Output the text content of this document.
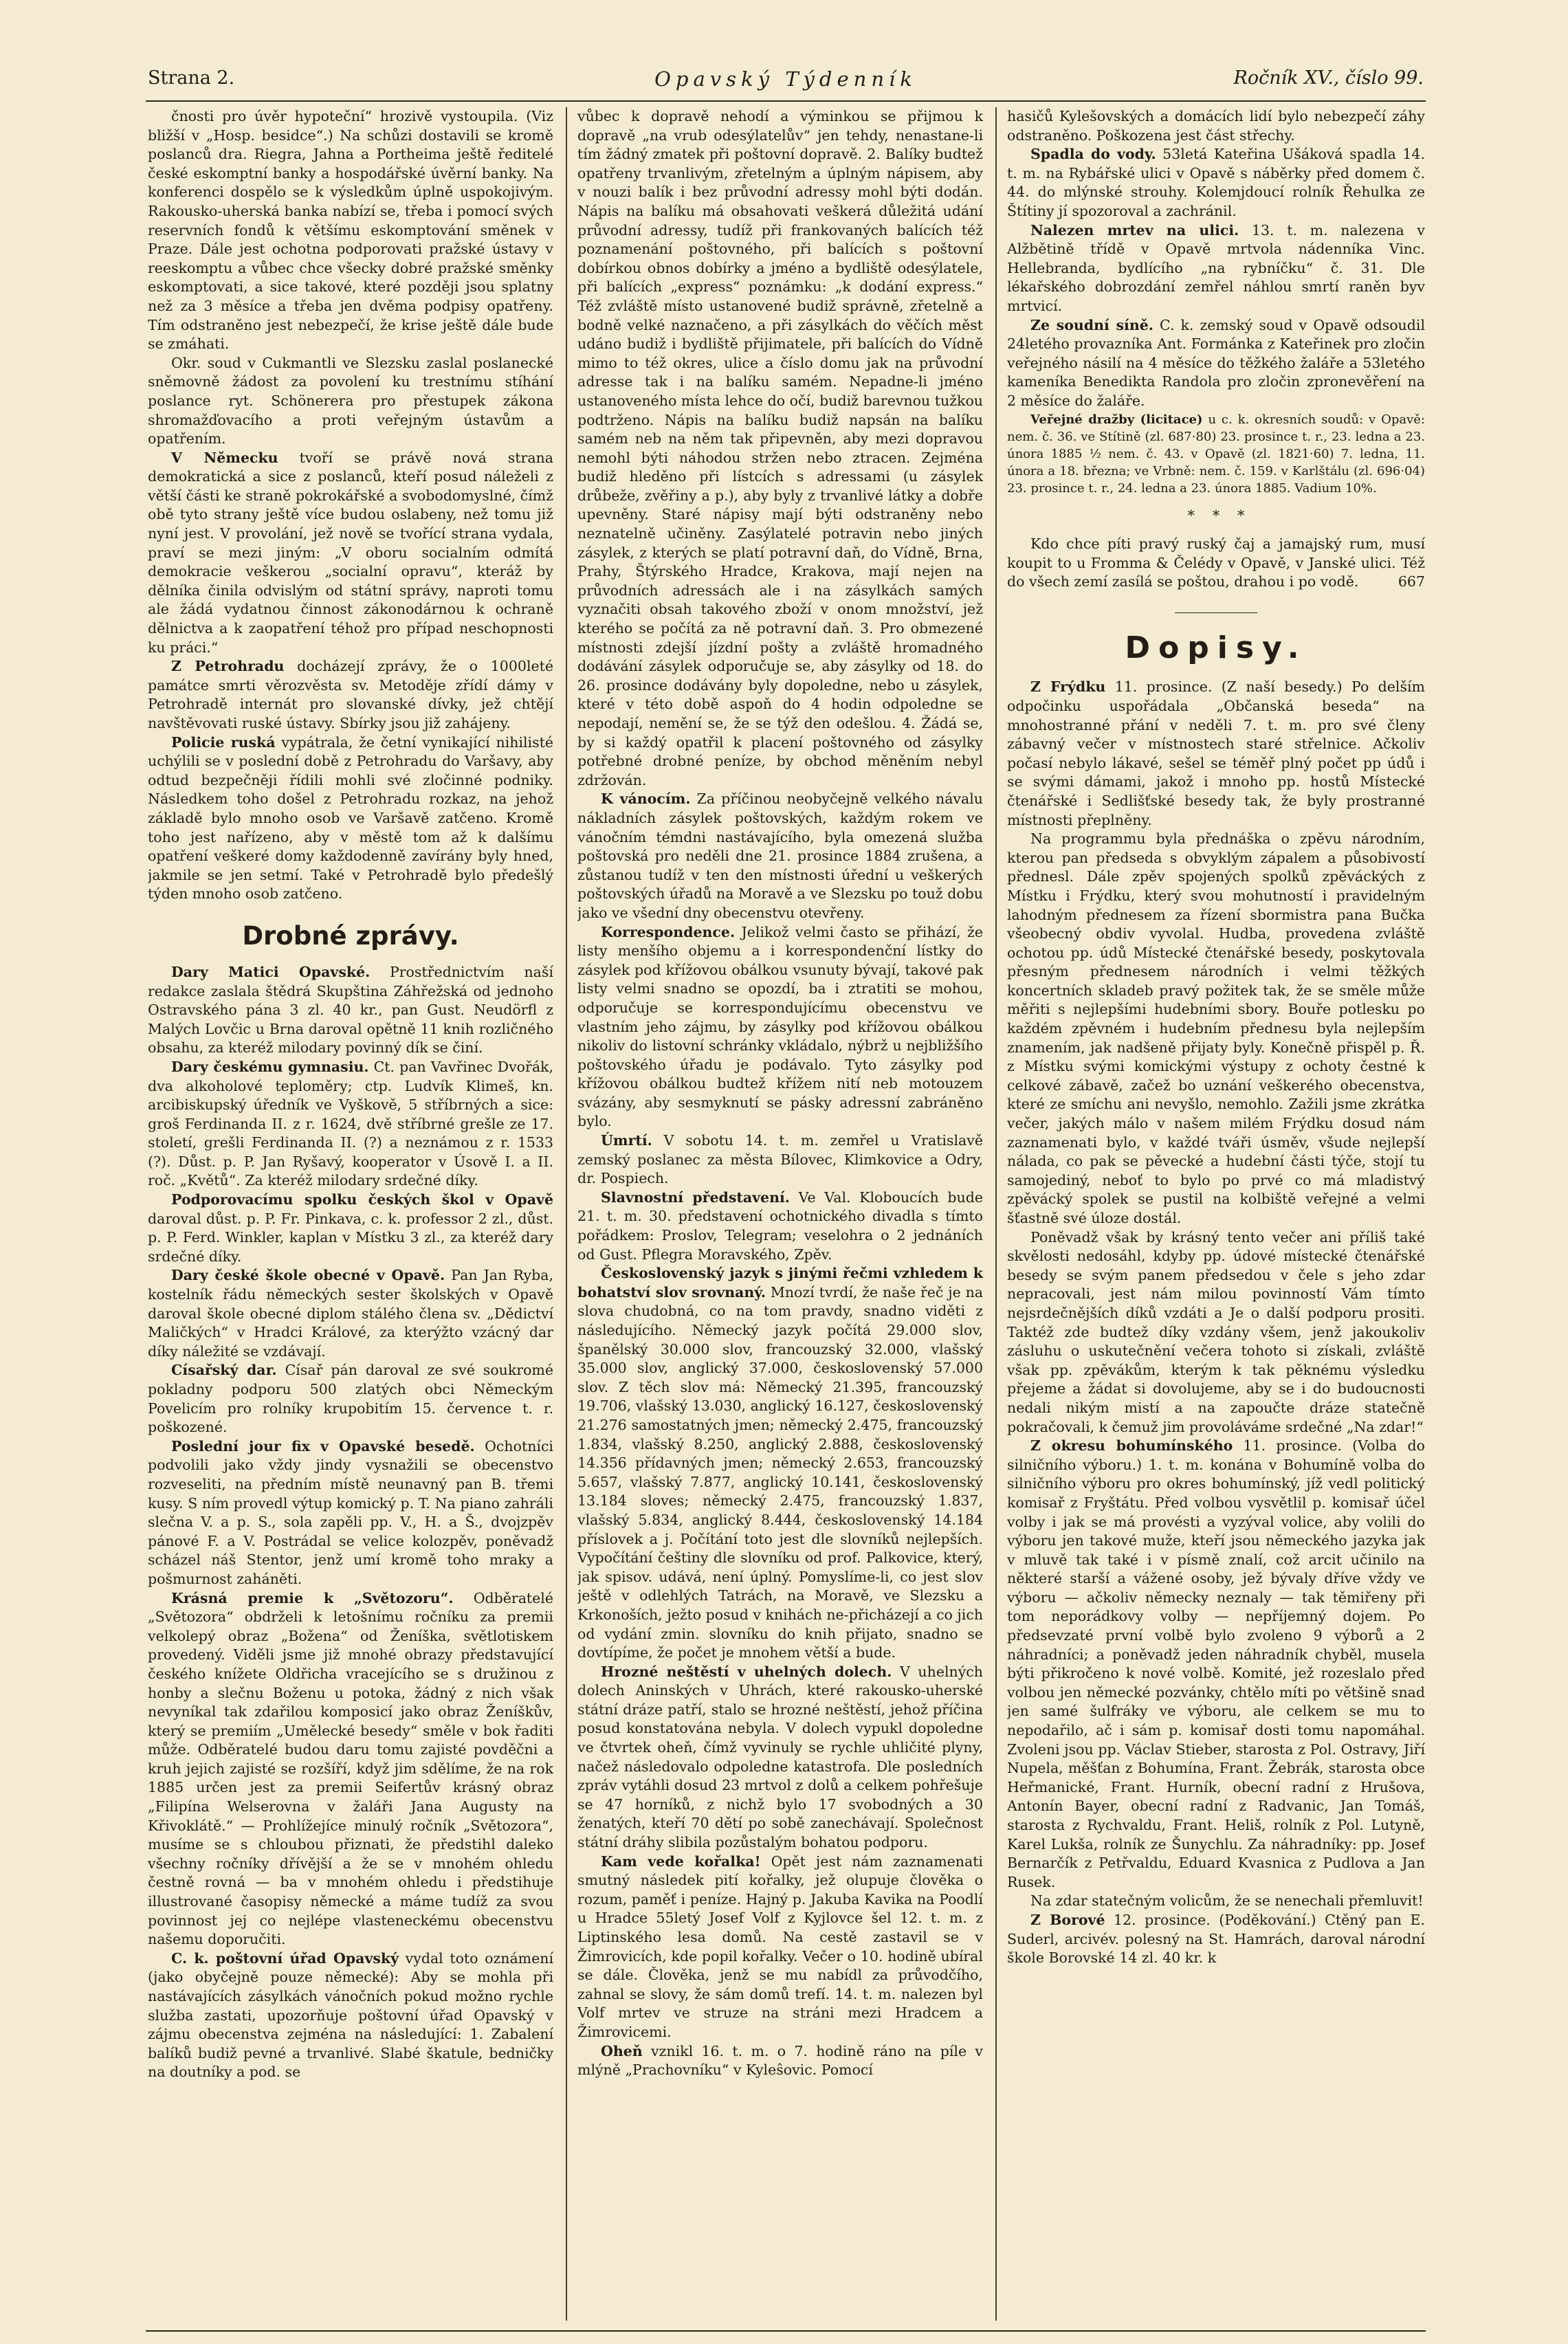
Strana 2.	Opavský Týdenník	Ročník XV., číslo 99.

čnosti pro úvěr hypoteční“ hrozivě vystoupila. (Viz bližší v „Hosp. besidce“.) Na schůzi dostavili se kromě poslanců dra. Riegra, Jahna a Portheima ještě ředitelé české eskomptní banky a hospodářské úvěrní banky. Na konferenci dospělo se k výsledkům úplně uspokojivým. Rakousko-uherská banka nabízí se, třeba i pomocí svých reservních fondů k většímu eskomptování směnek v Praze. Dále jest ochotna podporovati pražské ústavy v reeskomptu a vůbec chce všecky dobré pražské směnky eskomptovati, a sice takové, které později jsou splatny než za 3 měsíce a třeba jen dvěma podpisy opatřeny. Tím odstraněno jest nebezpečí, že krise ještě dále bude se zmáhati.

Okr. soud v Cukmantli ve Slezsku zaslal poslanecké sněmovně žádost za povolení ku trestnímu stíhání poslance ryt. Schönerera pro přestupek zákona shromažďovacího a proti veřejným ústavům a opatřením.

V Německu tvoří se právě nová strana demokratická a sice z poslanců, kteří posud náleželi z větší části ke straně pokrokářské a svobodomyslné, čímž obě tyto strany ještě více budou oslabeny, než tomu již nyní jest. V provolání, jež nově se tvořící strana vydala, praví se mezi jiným: „V oboru socialním odmítá demokracie veškerou „socialní opravu“, kteráž by dělníka činila odvislým od státní správy, naproti tomu ale žádá vydatnou činnost zákonodárnou k ochraně dělnictva a k zaopatření téhož pro případ neschopnosti ku práci.“

Z Petrohradu docházejí zprávy, že o 1000leté památce smrti věrozvěsta sv. Metoděje zřídí dámy v Petrohradě internát pro slovanské dívky, jež chtějí navštěvovati ruské ústavy. Sbírky jsou již zahájeny.

Policie ruská vypátrala, že četní vynikající nihilisté uchýlili se v poslední době z Petrohradu do Varšavy, aby odtud bezpečněji řídili mohli své zločinné podniky. Následkem toho došel z Petrohradu rozkaz, na jehož základě bylo mnoho osob ve Varšavě zatčeno. Kromě toho jest nařízeno, aby v městě tom až k dalšímu opatření veškeré domy každodenně zavírány byly hned, jakmile se jen setmí. Také v Petrohradě bylo předešlý týden mnoho osob zatčeno.

Drobné zprávy.

Dary Matici Opavské. Prostřednictvím naší redakce zaslala štědrá Skupština Záhřežská od jednoho Ostravského pána 3 zl. 40 kr., pan Gust. Neudörfl z Malých Lovčic u Brna daroval opětně 11 knih rozličného obsahu, za kteréž milodary povinný dík se činí.

Dary českému gymnasiu. Ct. pan Vavřinec Dvořák, dva alkoholové teploměry; ctp. Ludvík Klimeš, kn. arcibiskupský úředník ve Vyškově, 5 stříbrných a sice: groš Ferdinanda II. z r. 1624, dvě stříbrné grešle ze 17. století, grešli Ferdinanda II. (?) a neznámou z r. 1533 (?). Důst. p. P. Jan Ryšavý, kooperator v Úsově I. a II. roč. „Květů“. Za kteréž milodary srdečné díky.

Podporovacímu spolku českých škol v Opavě daroval důst. p. P. Fr. Pinkava, c. k. professor 2 zl., důst. p. P. Ferd. Winkler, kaplan v Místku 3 zl., za kteréž dary srdečné díky.

Dary české škole obecné v Opavě. Pan Jan Ryba, kostelník řádu německých sester školských v Opavě daroval škole obecné diplom stálého člena sv. „Dědictví Maličkých“ v Hradci Králové, za kterýžto vzácný dar díky náležité se vzdávají.

Císařský dar. Císař pán daroval ze své soukromé pokladny podporu 500 zlatých obci Německým Povelicím pro rolníky krupobitím 15. července t. r. poškozené.

Poslední jour fix v Opavské besedě. Ochotníci podvolili jako vždy jindy vysnažili se obecenstvo rozveseliti, na předním místě neunavný pan B. třemi kusy. S ním provedl výtup komický p. T. Na piano zahráli slečna V. a p. S., sola zapěli pp. V., H. a Š., dvojzpěv pánové F. a V. Postrádal se velice kolozpěv, poněvadž scházel náš Stentor, jenž umí kromě toho mraky a pošmurnost zaháněti.

Krásná premie k „Světozoru“. Odběratelé „Světozora“ obdrželi k letošnímu ročníku za premii velkolepý obraz „Božena“ od Ženíška, světlotiskem provedený. Viděli jsme již mnohé obrazy představující českého knížete Oldřicha vracejícího se s družinou z honby a slečnu Boženu u potoka, žádný z nich však nevyníkal tak zdařilou komposicí jako obraz Ženíškův, který se premiím „Umělecké besedy“ směle v bok řaditi může. Odběratelé budou daru tomu zajisté povděčni a kruh jejich zajisté se rozšíří, když jim sdělíme, že na rok 1885 určen jest za premii Seifertův krásný obraz „Filipína Welserovna v žaláři Jana Augusty na Křivoklátě.“ — Prohlížejíce minulý ročník „Světozora“, musíme se s chloubou přiznati, že předstihl daleko všechny ročníky dřívější a že se v mnohém ohledu čestně rovná — ba v mnohém ohledu i předstihuje illustrované časopisy německé a máme tudíž za svou povinnost jej co nejlépe vlasteneckému obecenstvu našemu doporučiti.

C. k. poštovní úřad Opavský vydal toto oznámení (jako obyčejně pouze německé): Aby se mohla při nastávajících zásylkách vánočních pokud možno rychle služba zastati, upozorňuje poštovní úřad Opavský v zájmu obecenstva zejména na následující: 1. Zabalení balíků budiž pevné a trvanlivé. Slabé škatule, bedničky na doutníky a pod. se

vůbec k dopravě nehodí a výminkou se přijmou k dopravě „na vrub odesýlatelův“ jen tehdy, nenastane-li tím žádný zmatek při poštovní dopravě. 2. Balíky budtež opatřeny trvanlivým, zřetelným a úplným nápisem, aby v nouzi balík i bez průvodní adressy mohl býti dodán. Nápis na balíku má obsahovati veškerá důležitá udání průvodní adressy, tudíž při frankovaných balících též poznamenání poštovného, při balících s poštovní dobírkou obnos dobírky a jméno a bydliště odesýlatele, při balících „express“ poznámku: „k dodání express.“ Též zvláště místo ustanovené budiž správně, zřetelně a bodně velké naznačeno, a při zásylkách do věčích měst udáno budiž i bydliště přijimatele, při balících do Vídně mimo to též okres, ulice a číslo domu jak na průvodní adresse tak i na balíku samém. Nepadne-li jméno ustanoveného místa lehce do očí, budiž barevnou tužkou podtrženo. Nápis na balíku budiž napsán na balíku samém neb na něm tak připevněn, aby mezi dopravou nemohl býti náhodou stržen nebo ztracen. Zejména budiž hleděno při lístcích s adressami (u zásylek drůbeže, zvěřiny a p.), aby byly z trvanlivé látky a dobře upevněny. Staré nápisy mají býti odstraněny nebo neznatelně učiněny. Zasýlatelé potravin nebo jiných zásylek, z kterých se platí potravní daň, do Vídně, Brna, Prahy, Štýrského Hradce, Krakova, mají nejen na průvodních adressách ale i na zásylkách samých vyznačiti obsah takového zboží v onom množství, jež kterého se počítá za ně potravní daň. 3. Pro obmezené místnosti zdejší jízdní pošty a zvláště hromadného dodávání zásylek odporučuje se, aby zásylky od 18. do 26. prosince dodávány byly dopoledne, nebo u zásylek, které v této době aspoň do 4 hodin odpoledne se nepodají, nemění se, že se týž den odešlou. 4. Žádá se, by si každý opatřil k placení poštovného od zásylky potřebné drobné peníze, by obchod měněním nebyl zdržován.

K vánocím. Za příčinou neobyčejně velkého návalu nákladních zásylek poštovských, každým rokem ve vánočním témdni nastávajícího, byla omezená služba poštovská pro neděli dne 21. prosince 1884 zrušena, a zůstanou tudíž v ten den místnosti úřední u veškerých poštovských úřadů na Moravě a ve Slezsku po touž dobu jako ve všední dny obecenstvu otevřeny.

Korrespondence. Jelikož velmi často se přihází, že listy menšího objemu a i korrespondenční lístky do zásylek pod křížovou obálkou vsunuty bývají, takové pak listy velmi snadno se opozdí, ba i ztratiti se mohou, odporučuje se korrespondujícímu obecenstvu ve vlastním jeho zájmu, by zásylky pod křížovou obálkou nikoliv do listovní schránky vkládalo, nýbrž u nejbližšího poštovského úřadu je podávalo. Tyto zásylky pod křížovou obálkou budtež křížem nití neb motouzem svázány, aby sesmyknutí se pásky adressní zabráněno bylo.

Úmrtí. V sobotu 14. t. m. zemřel u Vratislavě zemský poslanec za města Bílovec, Klimkovice a Odry, dr. Pospiech.

Slavnostní představení. Ve Val. Kloboucích bude 21. t. m. 30. představení ochotnického divadla s tímto pořádkem: Proslov, Telegram; veselohra o 2 jednáních od Gust. Pflegra Moravského, Zpěv.

Československý jazyk s jinými řečmi vzhledem k bohatství slov srovnaný. Mnozí tvrdí, že naše řeč je na slova chudobná, co na tom pravdy, snadno viděti z následujícího. Německý jazyk počítá 29.000 slov, španělský 30.000 slov, francouzský 32.000, vlašský 35.000 slov, anglický 37.000, československý 57.000 slov. Z těch slov má: Německý 21.395, francouzský 19.706, vlašský 13.030, anglický 16.127, československý 21.276 samostatných jmen; německý 2.475, francouzský 1.834, vlašský 8.250, anglický 2.888, československý 14.356 přídavných jmen; německý 2.653, francouzský 5.657, vlašský 7.877, anglický 10.141, československý 13.184 sloves; německý 2.475, francouzský 1.837, vlašský 5.834, anglický 8.444, československý 14.184 příslovek a j. Počítání toto jest dle slovníků nejlepších. Vypočítání češtiny dle slovníku od prof. Palkovice, který, jak spisov. udává, není úplný. Pomyslíme-li, co jest slov ještě v odlehlých Tatrách, na Moravě, ve Slezsku a Krkonoších, ježto posud v knihách ne-přicházejí a co jich od vydání zmin. slovníku do knih přijato, snadno se dovtípíme, že počet je mnohem větší a bude.

Hrozné neštěstí v uhelných dolech. V uhelných dolech Aninských v Uhrách, které rakousko-uherské státní dráze patří, stalo se hrozné neštěstí, jehož příčina posud konstatována nebyla. V dolech vypukl dopoledne ve čtvrtek oheň, čímž vyvinuly se rychle uhličité plyny, načež následovalo odpoledne katastrofa. Dle posledních zpráv vytáhli dosud 23 mrtvol z dolů a celkem pohřešuje se 47 horníků, z nichž bylo 17 svobodných a 30 ženatých, kteří 70 dětí po sobě zanechávají. Společnost státní dráhy slibila pozůstalým bohatou podporu.

Kam vede kořalka! Opět jest nám zaznamenati smutný následek pití kořalky, jež olupuje člověka o rozum, paměť i peníze. Hajný p. Jakuba Kavika na Poodlí u Hradce 55letý Josef Volf z Kyjlovce šel 12. t. m. z Liptinského lesa domů. Na cestě zastavil se v Žimrovicích, kde popil kořalky. Večer o 10. hodině ubíral se dále. Člověka, jenž se mu nabídl za průvodčího, zahnal se slovy, že sám domů trefí. 14. t. m. nalezen byl Volf mrtev ve struze na stráni mezi Hradcem a Žimrovicemi.

Oheň vznikl 16. t. m. o 7. hodině ráno na píle v mlýně „Prachovníku“ v Kyleŝovic. Pomocí

hasičů Kylešovských a domácích lidí bylo nebezpečí záhy odstraněno. Poškozena jest část střechy.

Spadla do vody. 53letá Kateřina Ušáková spadla 14. t. m. na Rybářské ulici v Opavě s náběrky před domem č. 44. do mlýnské strouhy. Kolemjdoucí rolník Řehulka ze Štítiny jí spozoroval a zachránil.

Nalezen mrtev na ulici. 13. t. m. nalezena v Alžbětině třídě v Opavě mrtvola nádenníka Vinc. Hellebranda, bydlícího „na rybníčku“ č. 31. Dle lékařského dobrozdání zemřel náhlou smrtí raněn byv mrtvicí.

Ze soudní síně. C. k. zemský soud v Opavě odsoudil 24letého provazníka Ant. Formánka z Kateřinek pro zločin veřejného násilí na 4 měsíce do těžkého žaláře a 53letého kameníka Benedikta Randola pro zločin zpronevěření na 2 měsíce do žaláře.

Veřejné dražby (licitace) u c. k. okresních soudů: v Opavě: nem. č. 36. ve Stítině (zl. 687·80) 23. prosince t. r., 23. ledna a 23. února 1885 ½ nem. č. 43. v Opavě (zl. 1821·60) 7. ledna, 11. února a 18. března; ve Vrbně: nem. č. 159. v Karlštálu (zl. 696·04) 23. prosince t. r., 24. ledna a 23. února 1885. Vadium 10%.

*    *    *

Kdo chce píti pravý ruský čaj a jamajský rum, musí koupit to u Fromma & Čelédy v Opavě, v Janské ulici. Též do všech zemí zasílá se poštou, drahou i po vodě.	667

Dopisy.

Z Frýdku 11. prosince. (Z naší besedy.) Po delším odpočinku uspořádala „Občanská beseda“ na mnohostranné přání v neděli 7. t. m. pro své členy zábavný večer v místnostech staré střelnice. Ačkoliv počasí nebylo lákavé, sešel se téměř plný počet pp údů i se svými dámami, jakož i mnoho pp. hostů Místecké čtenářské i Sedlišťské besedy tak, že byly prostranné místnosti přeplněny.

Na programmu byla přednáška o zpěvu národním, kterou pan předseda s obvyklým zápalem a působivostí přednesl. Dále zpěv spojených spolků zpěváckých z Místku i Frýdku, který svou mohutností i pravidelným lahodným přednesem za řízení sbormistra pana Bučka všeobecný obdiv vyvolal. Hudba, provedena zvláště ochotou pp. údů Místecké čtenářské besedy, poskytovala přesným přednesem národních i velmi těžkých koncertních skladeb pravý požitek tak, že se směle může měřiti s nejlepšími hudebními sbory. Bouře potlesku po každém zpěvném i hudebním přednesu byla nejlepším znamením, jak nadšeně přijaty byly. Konečně přispěl p. Ř. z Místku svými komickými výstupy z ochoty čestné k celkové zábavě, začež bo uznání veškerého obecenstva, které ze smíchu ani nevyšlo, nemohlo. Zažili jsme zkrátka večer, jakých málo v našem milém Frýdku dosud nám zaznamenati bylo, v každé tváři úsměv, všude nejlepší nálada, co pak se pěvecké a hudební části týče, stojí tu samojediný, neboť to bylo po prvé co má mladistvý zpěvácký spolek se pustil na kolbiště veřejné a velmi šťastně své úloze dostál.

Poněvadž však by krásný tento večer ani příliš také skvělosti nedosáhl, kdyby pp. údové místecké čtenářské besedy se svým panem předsedou v čele s jeho zdar nepracovali, jest nám milou povinností Vám tímto nejsrdečnějších díků vzdáti a Je o další podporu prositi. Taktéž zde budtež díky vzdány všem, jenž jakoukoliv zásluhu o uskutečnění večera tohoto si získali, zvláště však pp. zpěvákům, kterým k tak pěknému výsledku přejeme a žádat si dovolujeme, aby se i do budoucnosti nedali nikým mistí a na zapoučte dráze statečně pokračovali, k čemuž jim provoláváme srdečné „Na zdar!“

Z okresu bohumínského 11. prosince. (Volba do silničního výboru.) 1. t. m. konána v Bohumíně volba do silničního výboru pro okres bohumínský, jíž vedl politický komisař z Fryštátu. Před volbou vysvětlil p. komisař účel volby i jak se má provésti a vyzýval volice, aby volili do výboru jen takové muže, kteří jsou německého jazyka jak v mluvě tak také i v písmě znalí, což arcit učinilo na některé starší a vážené osoby, jež bývaly dříve vždy ve výboru — ačkoliv německy neznaly — tak těmiřeny při tom neporádkovy volby — nepříjemný dojem. Po předsevzaté první volbě bylo zvoleno 9 výborů a 2 náhradníci; a poněvadž jeden náhradník chyběl, musela býti přikročeno k nové volbě. Komité, jež rozeslalo před volbou jen německé pozvánky, chtělo míti po většině snad jen samé šulfráky ve výboru, ale celkem se mu to nepodařilo, ač i sám p. komisař dosti tomu napomáhal. Zvoleni jsou pp. Václav Stieber, starosta z Pol. Ostravy, Jiří Nupela, měšťan z Bohumína, Frant. Žebrák, starosta obce Heřmanické, Frant. Hurník, obecní radní z Hrušova, Antonín Bayer, obecní radní z Radvanic, Jan Tomáš, starosta z Rychvaldu, Frant. Heliš, rolník z Pol. Lutyně, Karel Lukša, rolník ze Šunychlu. Za náhradníky: pp. Josef Bernarčík z Petřvaldu, Eduard Kvasnica z Pudlova a Jan Rusek.

Na zdar statečným volicům, že se nenechali přemluvit!

Z Borové 12. prosince. (Poděkování.) Ctěný pan E. Suderl, arcivév. polesný na St. Hamrách, daroval národní škole Borovské 14 zl. 40 kr. k
